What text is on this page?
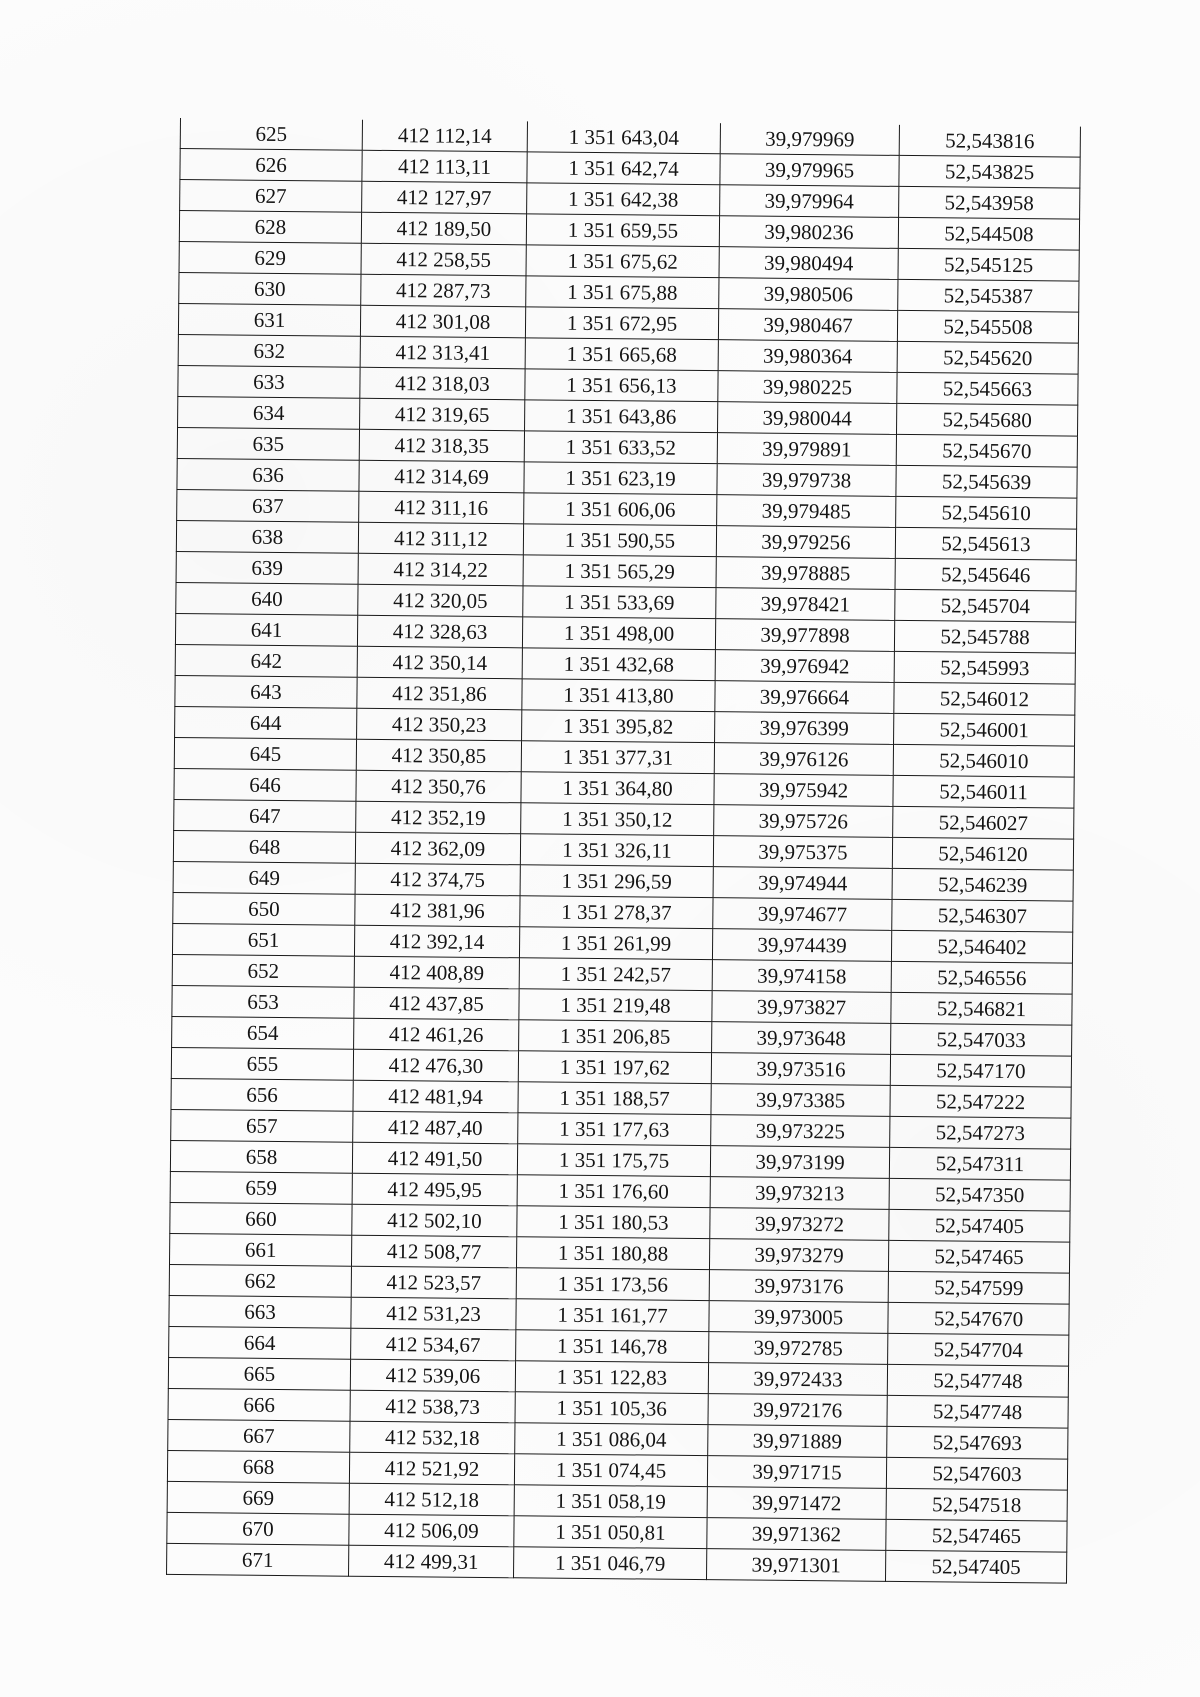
625	412 112,14	1 351 643,04	39,979969	52,543816
626	412 113,11	1 351 642,74	39,979965	52,543825
627	412 127,97	1 351 642,38	39,979964	52,543958
628	412 189,50	1 351 659,55	39,980236	52,544508
629	412 258,55	1 351 675,62	39,980494	52,545125
630	412 287,73	1 351 675,88	39,980506	52,545387
631	412 301,08	1 351 672,95	39,980467	52,545508
632	412 313,41	1 351 665,68	39,980364	52,545620
633	412 318,03	1 351 656,13	39,980225	52,545663
634	412 319,65	1 351 643,86	39,980044	52,545680
635	412 318,35	1 351 633,52	39,979891	52,545670
636	412 314,69	1 351 623,19	39,979738	52,545639
637	412 311,16	1 351 606,06	39,979485	52,545610
638	412 311,12	1 351 590,55	39,979256	52,545613
639	412 314,22	1 351 565,29	39,978885	52,545646
640	412 320,05	1 351 533,69	39,978421	52,545704
641	412 328,63	1 351 498,00	39,977898	52,545788
642	412 350,14	1 351 432,68	39,976942	52,545993
643	412 351,86	1 351 413,80	39,976664	52,546012
644	412 350,23	1 351 395,82	39,976399	52,546001
645	412 350,85	1 351 377,31	39,976126	52,546010
646	412 350,76	1 351 364,80	39,975942	52,546011
647	412 352,19	1 351 350,12	39,975726	52,546027
648	412 362,09	1 351 326,11	39,975375	52,546120
649	412 374,75	1 351 296,59	39,974944	52,546239
650	412 381,96	1 351 278,37	39,974677	52,546307
651	412 392,14	1 351 261,99	39,974439	52,546402
652	412 408,89	1 351 242,57	39,974158	52,546556
653	412 437,85	1 351 219,48	39,973827	52,546821
654	412 461,26	1 351 206,85	39,973648	52,547033
655	412 476,30	1 351 197,62	39,973516	52,547170
656	412 481,94	1 351 188,57	39,973385	52,547222
657	412 487,40	1 351 177,63	39,973225	52,547273
658	412 491,50	1 351 175,75	39,973199	52,547311
659	412 495,95	1 351 176,60	39,973213	52,547350
660	412 502,10	1 351 180,53	39,973272	52,547405
661	412 508,77	1 351 180,88	39,973279	52,547465
662	412 523,57	1 351 173,56	39,973176	52,547599
663	412 531,23	1 351 161,77	39,973005	52,547670
664	412 534,67	1 351 146,78	39,972785	52,547704
665	412 539,06	1 351 122,83	39,972433	52,547748
666	412 538,73	1 351 105,36	39,972176	52,547748
667	412 532,18	1 351 086,04	39,971889	52,547693
668	412 521,92	1 351 074,45	39,971715	52,547603
669	412 512,18	1 351 058,19	39,971472	52,547518
670	412 506,09	1 351 050,81	39,971362	52,547465
671	412 499,31	1 351 046,79	39,971301	52,547405
